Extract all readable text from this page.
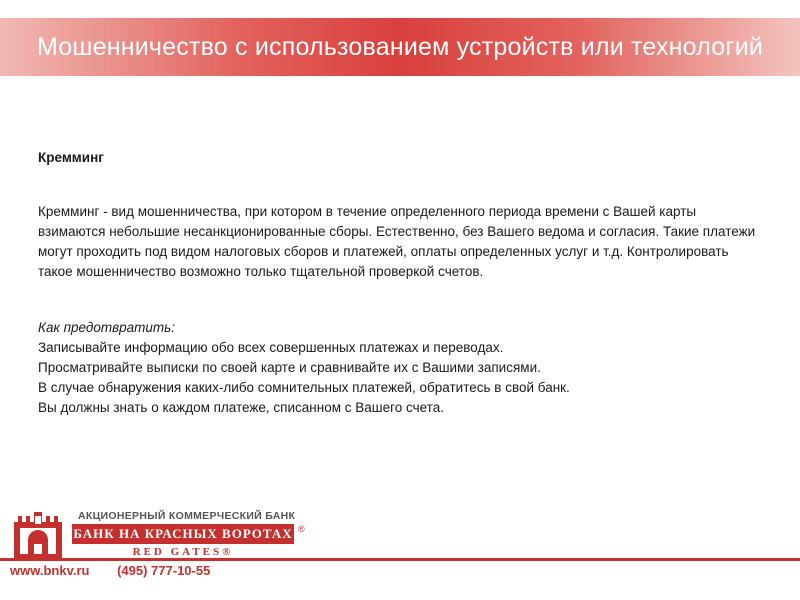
Мошенничество с использованием устройств или технологий
Кремминг
Кремминг - вид мошенничества, при котором в течение определенного периода времени с Вашей карты взимаются небольшие несанкционированные сборы. Естественно, без Вашего ведома и согласия. Такие платежи могут проходить под видом налоговых сборов и платежей, оплаты определенных услуг и т.д. Контролировать такое мошенничество возможно только тщательной проверкой счетов.
Как предотвратить:
Записывайте информацию обо всех совершенных платежах и переводах.
Просматривайте выписки по своей карте и сравнивайте их с Вашими записями.
В случае обнаружения каких-либо сомнительных платежей, обратитесь в свой банк.
Вы должны знать о каждом платеже, списанном с Вашего счета.
АКЦИОНЕРНЫЙ КОММЕРЧЕСКИЙ БАНК
БАНК НА КРАСНЫХ ВОРОТАХ ®
RED GATES®
www.bnkv.ru (495) 777-10-55
